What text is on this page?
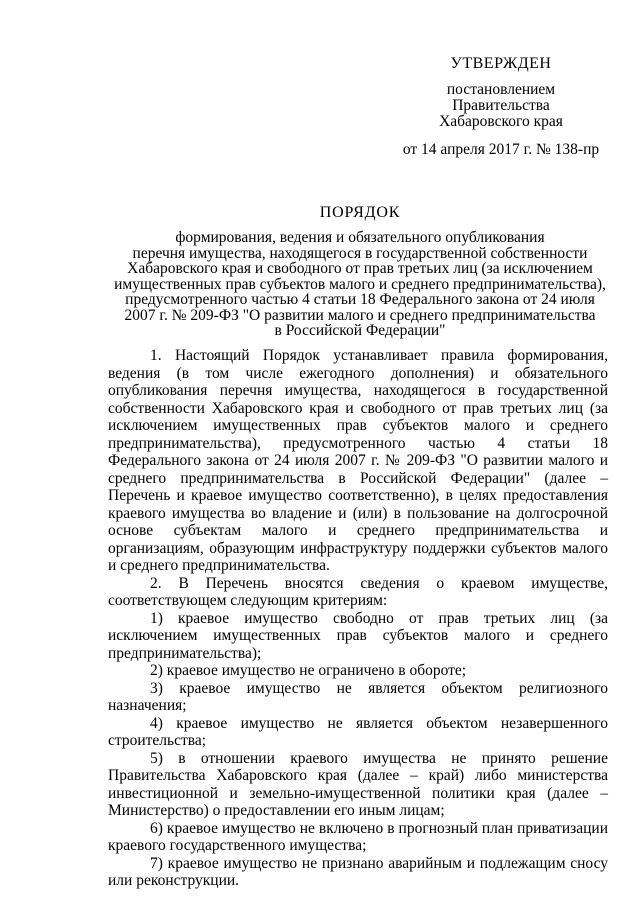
УТВЕРЖДЕН
постановлением
Правительства
Хабаровского края
от 14 апреля 2017 г. № 138-пр
ПОРЯДОК
формирования, ведения и обязательного опубликования
перечня имущества, находящегося в государственной собственности
Хабаровского края и свободного от прав третьих лиц (за исключением
имущественных прав субъектов малого и среднего предпринимательства),
предусмотренного частью 4 статьи 18 Федерального закона от 24 июля
2007 г. № 209-ФЗ "О развитии малого и среднего предпринимательства
в Российской Федерации"

1. Настоящий Порядок устанавливает правила формирования, ведения (в том числе ежегодного дополнения) и обязательного опубликования перечня имущества, находящегося в государственной собственности Хабаровского края и свободного от прав третьих лиц (за исключением имущественных прав субъектов малого и среднего предпринимательства), предусмотренного частью 4 статьи 18 Федерального закона от 24 июля 2007 г. № 209-ФЗ "О развитии малого и среднего предпринимательства в Российской Федерации" (далее – Перечень и краевое имущество соответственно), в целях предоставления краевого имущества во владение и (или) в пользование на долгосрочной основе субъектам малого и среднего предпринимательства и организациям, образующим инфраструктуру поддержки субъектов малого и среднего предпринимательства.

2. В Перечень вносятся сведения о краевом имуществе, соответствующем следующим критериям:

1) краевое имущество свободно от прав третьих лиц (за исключением имущественных прав субъектов малого и среднего предпринимательства);

2) краевое имущество не ограничено в обороте;

3) краевое имущество не является объектом религиозного назначения;

4) краевое имущество не является объектом незавершенного строительства;

5) в отношении краевого имущества не принято решение Правительства Хабаровского края (далее – край) либо министерства инвестиционной и земельно-имущественной политики края (далее – Министерство) о предоставлении его иным лицам;

6) краевое имущество не включено в прогнозный план приватизации краевого государственного имущества;

7) краевое имущество не признано аварийным и подлежащим сносу или реконструкции.
